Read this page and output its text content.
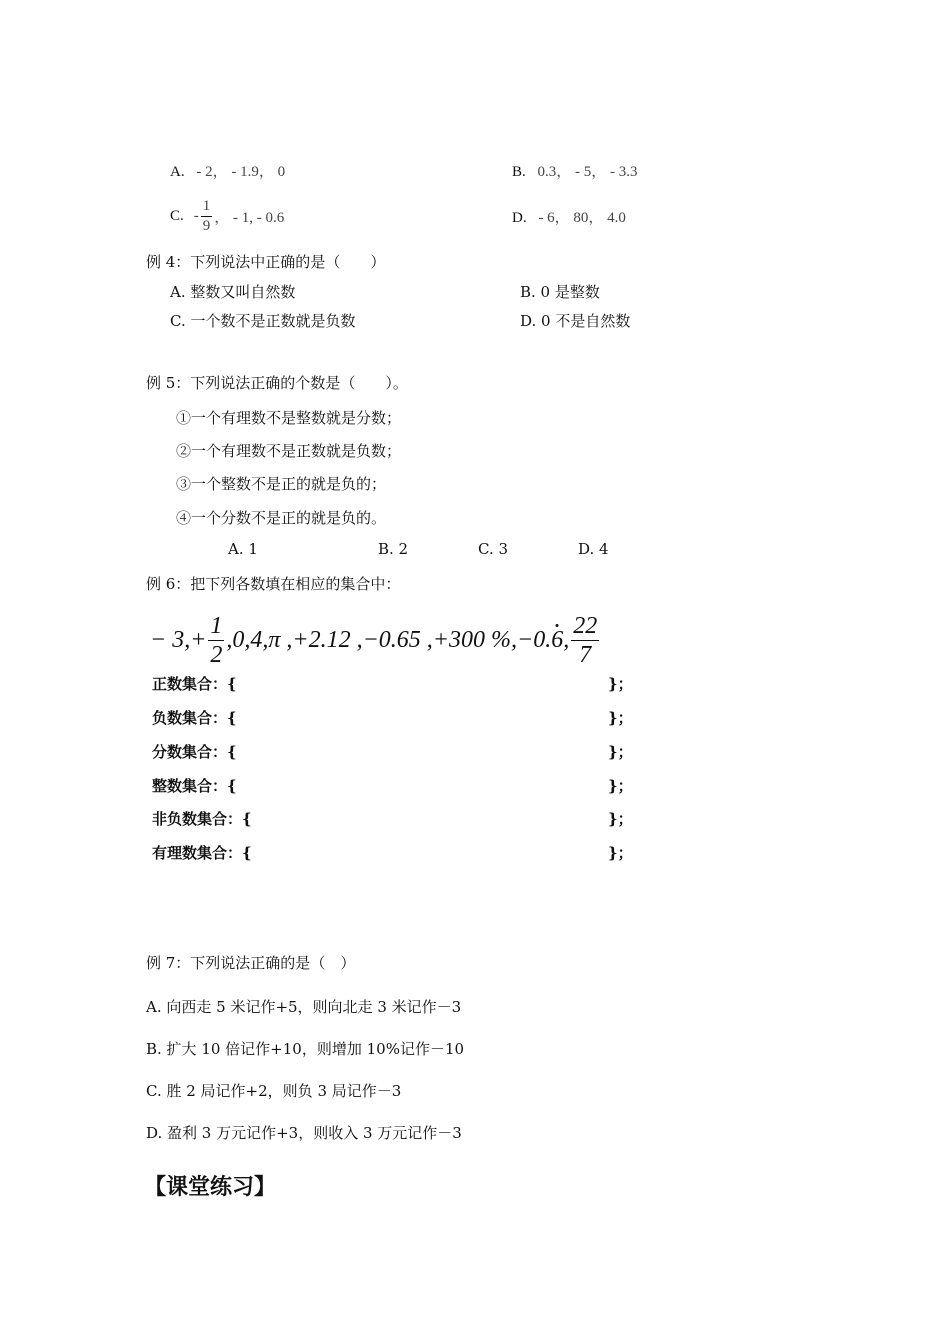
A. - 2， - 1.9， 0	B. 0.3， - 5， - 3.3
C. - $\frac{1}{9}$ ， - 1, - 0.6	D. - 6， 80， 4.0
例 4：下列说法中正确的是（　　）
A. 整数又叫自然数	B. 0 是整数
C. 一个数不是正数就是负数	D. 0 不是自然数
例 5：下列说法正确的个数是（　　）。
①一个有理数不是整数就是分数；
②一个有理数不是正数就是负数；
③一个整数不是正的就是负的；
④一个分数不是正的就是负的。
A. 1	B. 2	C. 3	D. 4
例 6：把下列各数填在相应的集合中：
− $3,+ \frac{1}{2} ,0,4,\pi$ ,+2.12 ,−0.65 ,+300 %,−0. 6 , $\frac{22}{7}$
正数集合：{	}；
负数集合：{	}；
分数集合：{	}；
整数集合：{	}；
非负数集合：{	}；
有理数集合：{	}；
例 7：下列说法正确的是（　）
A. 向西走 5 米记作+5，则向北走 3 米记作－3
B. 扩大 10 倍记作+10，则增加 10%记作－10
C. 胜 2 局记作+2，则负 3 局记作－3
D. 盈利 3 万元记作+3，则收入 3 万元记作－3
【课堂练习】
